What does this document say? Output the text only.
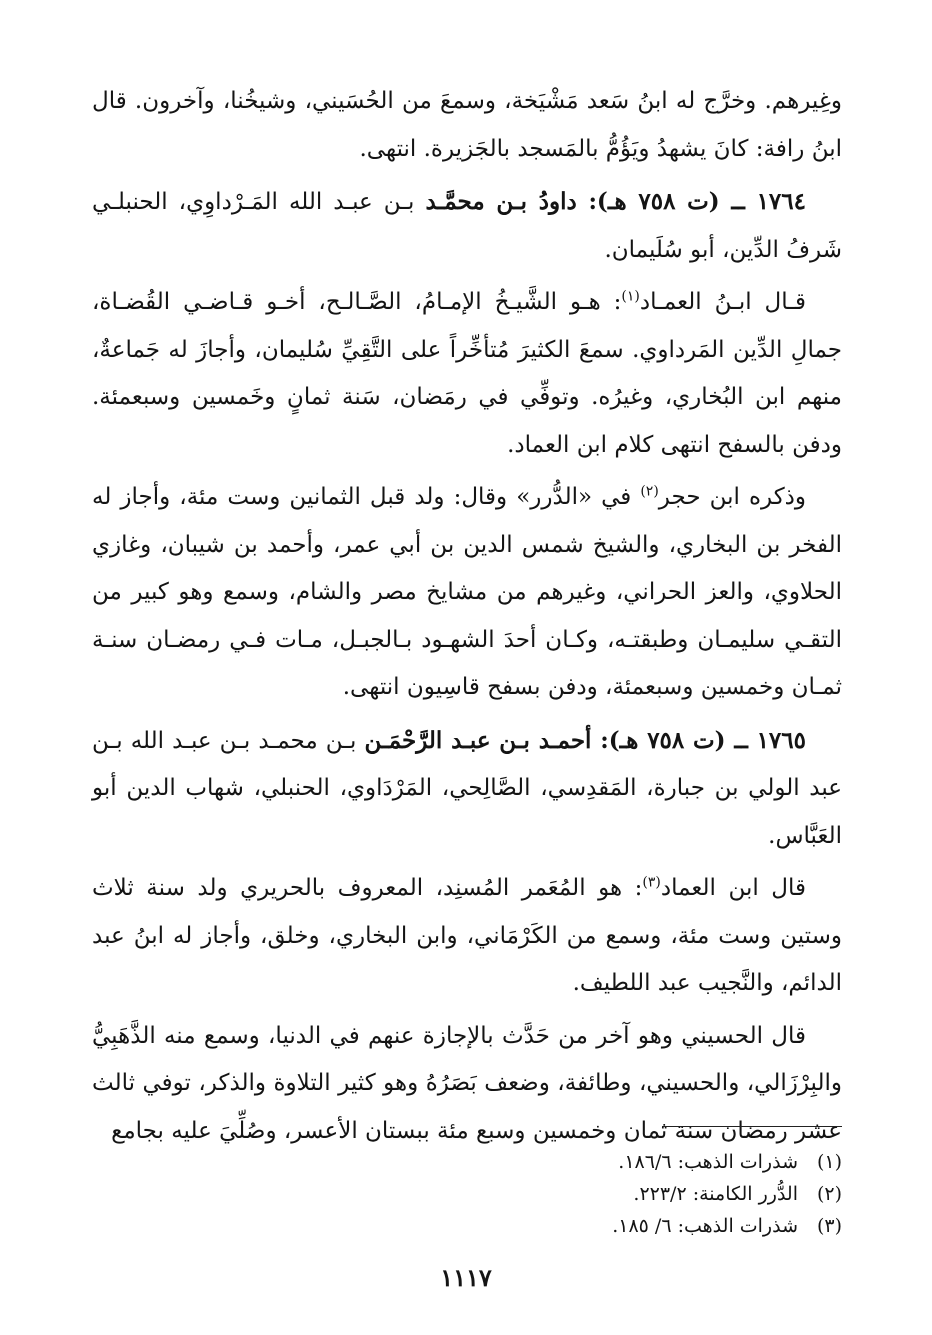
وغِيرهم. وخرَّج له ابنُ سَعد مَشْيَخة، وسمعَ من الحُسَيني، وشيخُنا، وآخرون. قال ابنُ رافة: كانَ يشهدُ ويَؤُمُّ بالمَسجد بالجَزيرة. انتهى.

١٧٦٤ ــ (ت ٧٥٨ هـ): داودُ بـن محمَّـد بـن عبـد الله المَـرْداوِي، الحنبلـي شَرفُ الدِّين، أبو سُلَيمان.

قـال ابـنُ العمـاد$^{(١)}$: هـو الشَّيـخُ الإمـامُ، الصَّـالـح، أخـو قـاضـي القُضـاة، جمالِ الدِّين المَرداوي. سمعَ الكثيرَ مُتأخِّراً على التَّقِيِّ سُليمان، وأجازَ له جَماعةٌ، منهم ابن البُخاري، وغيرُه. وتوفِّي في رمَضان، سَنة ثمانٍ وخَمسين وسبعمئة. ودفن بالسفح انتهى كلام ابن العماد.

وذكره ابن حجر$^{(٢)}$ في «الدُّرر» وقال: ولد قبل الثمانين وست مئة، وأجاز له الفخر بن البخاري، والشيخ شمس الدين بن أبي عمر، وأحمد بن شيبان، وغازي الحلاوي، والعز الحراني، وغيرهم من مشايخ مصر والشام، وسمع وهو كبير من التقـي سليمـان وطبقتـه، وكـان أحدَ الشهـود بـالجبـل، مـات فـي رمضـان سنـة ثمـان وخمسين وسبعمئة، ودفن بسفح قاسِيون انتهى.

١٧٦٥ ــ (ت ٧٥٨ هـ): أحمـد بـن عبـد الرَّحْمَـن بـن محمـد بـن عبـد الله بـن عبد الولي بن جبارة، المَقدِسي، الصَّالِحي، المَرْدَاوي، الحنبلي، شهاب الدين أبو العَبَّاس.

قال ابن العماد$^{(٣)}$: هو المُعَمر المُسنِد، المعروف بالحريري ولد سنة ثلاث وستين وست مئة، وسمع من الكَرْمَاني، وابن البخاري، وخلق، وأجاز له ابنُ عبد الدائم، والنَّجيب عبد اللطيف.

قال الحسيني وهو آخر من حَدَّث بالإجازة عنهم في الدنيا، وسمع منه الذَّهَبِيُّ والبِرْزَالي، والحسيني، وطائفة، وضعف بَصَرُهُ وهو كثير التلاوة والذكر، توفي ثالث عشر رمضان سنة ثمان وخمسين وسبع مئة ببستان الأعسر، وصُلِّيَ عليه بجامع

(١)شذرات الذهب: ١٨٦/٦.
(٢)الدُّرر الكامنة: ٢٢٣/٢.
(٣)شذرات الذهب: ٦/ ١٨٥.
١١١٧
